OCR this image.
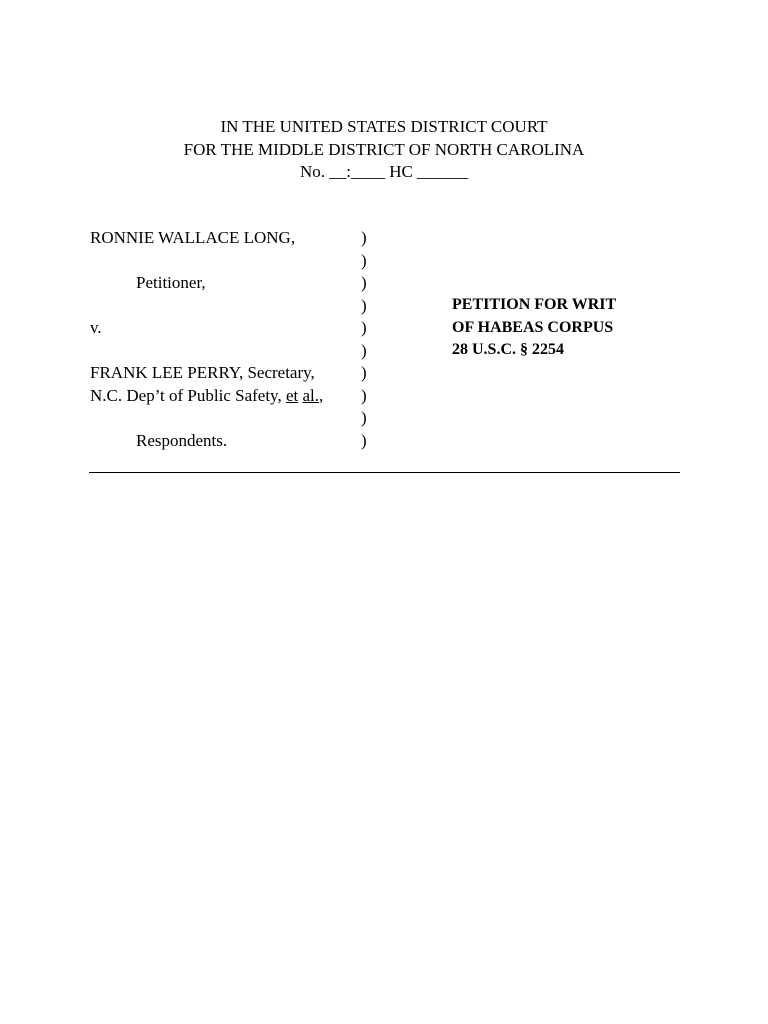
IN THE UNITED STATES DISTRICT COURT
FOR THE MIDDLE DISTRICT OF NORTH CAROLINA
No. __:____ HC ______
RONNIE WALLACE LONG,
Petitioner,
v.
FRANK LEE PERRY, Secretary,
N.C. Dep’t of Public Safety, et al.,
Respondents.
)
)
)
)
)
)
)
)
)
)
PETITION FOR WRIT
OF HABEAS CORPUS
28 U.S.C. § 2254
